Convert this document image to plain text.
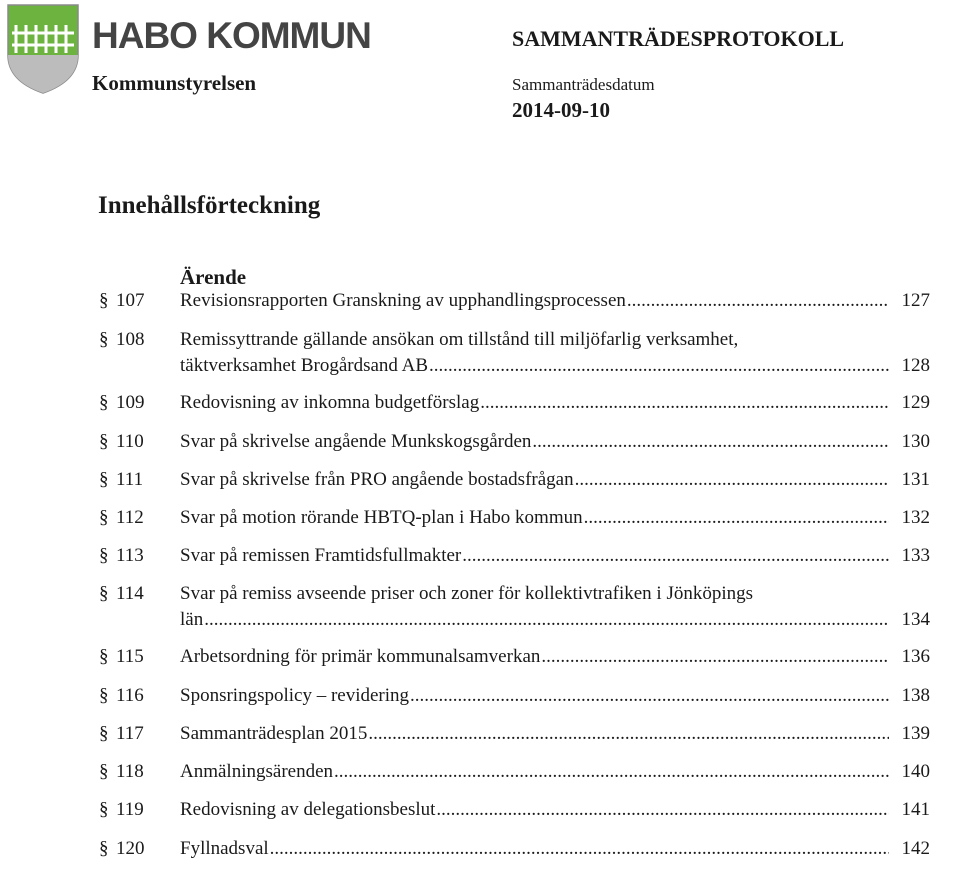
HABO KOMMUN
Kommunstyrelsen
SAMMANTRÄDESPROTOKOLL
Sammanträdesdatum
2014-09-10
Innehållsförteckning
Ärende
§ 107 Revisionsrapporten Granskning av upphandlingsprocessen .....	127
§ 108 Remissyttrande gällande ansökan om tillstånd till miljöfarlig verksamhet,
täktverksamhet Brogårdsand AB .....	128
§ 109 Redovisning av inkomna budgetförslag .....	129
§ 110 Svar på skrivelse angående Munkskogsgården .....	130
§ 111 Svar på skrivelse från PRO angående bostadsfrågan .....	131
§ 112 Svar på motion rörande HBTQ-plan i Habo kommun .....	132
§ 113 Svar på remissen Framtidsfullmakter .....	133
§ 114 Svar på remiss avseende priser och zoner för kollektivtrafiken i Jönköpings
län .....	134
§ 115 Arbetsordning för primär kommunalsamverkan .....	136
§ 116 Sponsringspolicy – revidering .....	138
§ 117 Sammanträdesplan 2015 .....	139
§ 118 Anmälningsärenden .....	140
§ 119 Redovisning av delegationsbeslut .....	141
§ 120 Fyllnadsval .....	142
